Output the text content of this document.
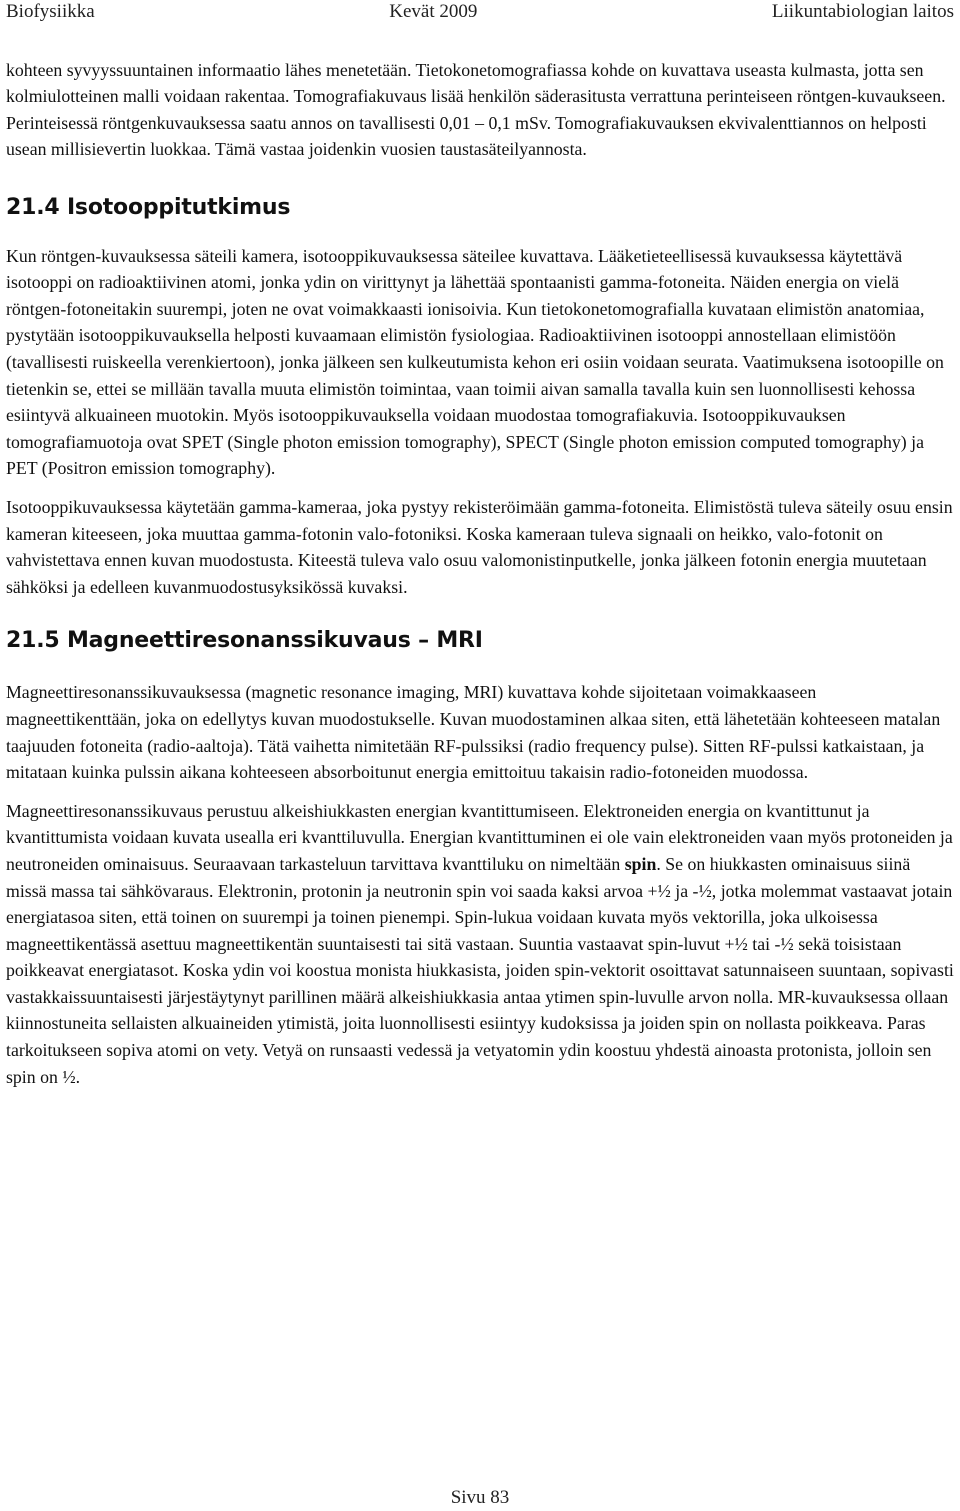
Biofysiikka	Kevät 2009	Liikuntabiologian laitos

kohteen syvyyssuuntainen informaatio lähes menetetään. Tietokonetomografiassa kohde on kuvattava useasta kulmasta, jotta sen kolmiulotteinen malli voidaan rakentaa. Tomografiakuvaus lisää henkilön säderasitusta verrattuna perinteiseen röntgen-kuvaukseen. Perinteisessä röntgenkuvauksessa saatu annos on tavallisesti 0,01 – 0,1 mSv. Tomografiakuvauksen ekvivalenttiannos on helposti usean millisievertin luokkaa. Tämä vastaa joidenkin vuosien taustasäteilyannosta.

21.4 Isotooppitutkimus

Kun röntgen-kuvauksessa säteili kamera, isotooppikuvauksessa säteilee kuvattava. Lääketieteellisessä kuvauksessa käytettävä isotooppi on radioaktiivinen atomi, jonka ydin on virittynyt ja lähettää spontaanisti gamma-fotoneita. Näiden energia on vielä röntgen-fotoneitakin suurempi, joten ne ovat voimakkaasti ionisoivia. Kun tietokonetomografialla kuvataan elimistön anatomiaa, pystytään isotooppikuvauksella helposti kuvaamaan elimistön fysiologiaa. Radioaktiivinen isotooppi annostellaan elimistöön (tavallisesti ruiskeella verenkiertoon), jonka jälkeen sen kulkeutumista kehon eri osiin voidaan seurata. Vaatimuksena isotoopille on tietenkin se, ettei se millään tavalla muuta elimistön toimintaa, vaan toimii aivan samalla tavalla kuin sen luonnollisesti kehossa esiintyvä alkuaineen muotokin. Myös isotooppikuvauksella voidaan muodostaa tomografiakuvia. Isotooppikuvauksen tomografiamuotoja ovat SPET (Single photon emission tomography), SPECT (Single photon emission computed tomography) ja PET (Positron emission tomography).

Isotooppikuvauksessa käytetään gamma-kameraa, joka pystyy rekisteröimään gamma-fotoneita. Elimistöstä tuleva säteily osuu ensin kameran kiteeseen, joka muuttaa gamma-fotonin valo-fotoniksi. Koska kameraan tuleva signaali on heikko, valo-fotonit on vahvistettava ennen kuvan muodostusta. Kiteestä tuleva valo osuu valomonistinputkelle, jonka jälkeen fotonin energia muutetaan sähköksi ja edelleen kuvanmuodostusyksikössä kuvaksi.

21.5 Magneettiresonanssikuvaus – MRI

Magneettiresonanssikuvauksessa (magnetic resonance imaging, MRI) kuvattava kohde sijoitetaan voimakkaaseen magneettikenttään, joka on edellytys kuvan muodostukselle. Kuvan muodostaminen alkaa siten, että lähetetään kohteeseen matalan taajuuden fotoneita (radio-aaltoja). Tätä vaihetta nimitetään RF-pulssiksi (radio frequency pulse). Sitten RF-pulssi katkaistaan, ja mitataan kuinka pulssin aikana kohteeseen absorboitunut energia emittoituu takaisin radio-fotoneiden muodossa.

Magneettiresonanssikuvaus perustuu alkeishiukkasten energian kvantittumiseen. Elektroneiden energia on kvantittunut ja kvantittumista voidaan kuvata usealla eri kvanttiluvulla. Energian kvantittuminen ei ole vain elektroneiden vaan myös protoneiden ja neutroneiden ominaisuus. Seuraavaan tarkasteluun tarvittava kvanttiluku on nimeltään spin. Se on hiukkasten ominaisuus siinä missä massa tai sähkövaraus. Elektronin, protonin ja neutronin spin voi saada kaksi arvoa +½ ja -½, jotka molemmat vastaavat jotain energiatasoa siten, että toinen on suurempi ja toinen pienempi. Spin-lukua voidaan kuvata myös vektorilla, joka ulkoisessa magneettikentässä asettuu magneettikentän suuntaisesti tai sitä vastaan. Suuntia vastaavat spin-luvut +½ tai -½ sekä toisistaan poikkeavat energiatasot. Koska ydin voi koostua monista hiukkasista, joiden spin-vektorit osoittavat satunnaiseen suuntaan, sopivasti vastakkaissuuntaisesti järjestäytynyt parillinen määrä alkeishiukkasia antaa ytimen spin-luvulle arvon nolla. MR-kuvauksessa ollaan kiinnostuneita sellaisten alkuaineiden ytimistä, joita luonnollisesti esiintyy kudoksissa ja joiden spin on nollasta poikkeava. Paras tarkoitukseen sopiva atomi on vety. Vetyä on runsaasti vedessä ja vetyatomin ydin koostuu yhdestä ainoasta protonista, jolloin sen spin on ½.

Sivu 83
